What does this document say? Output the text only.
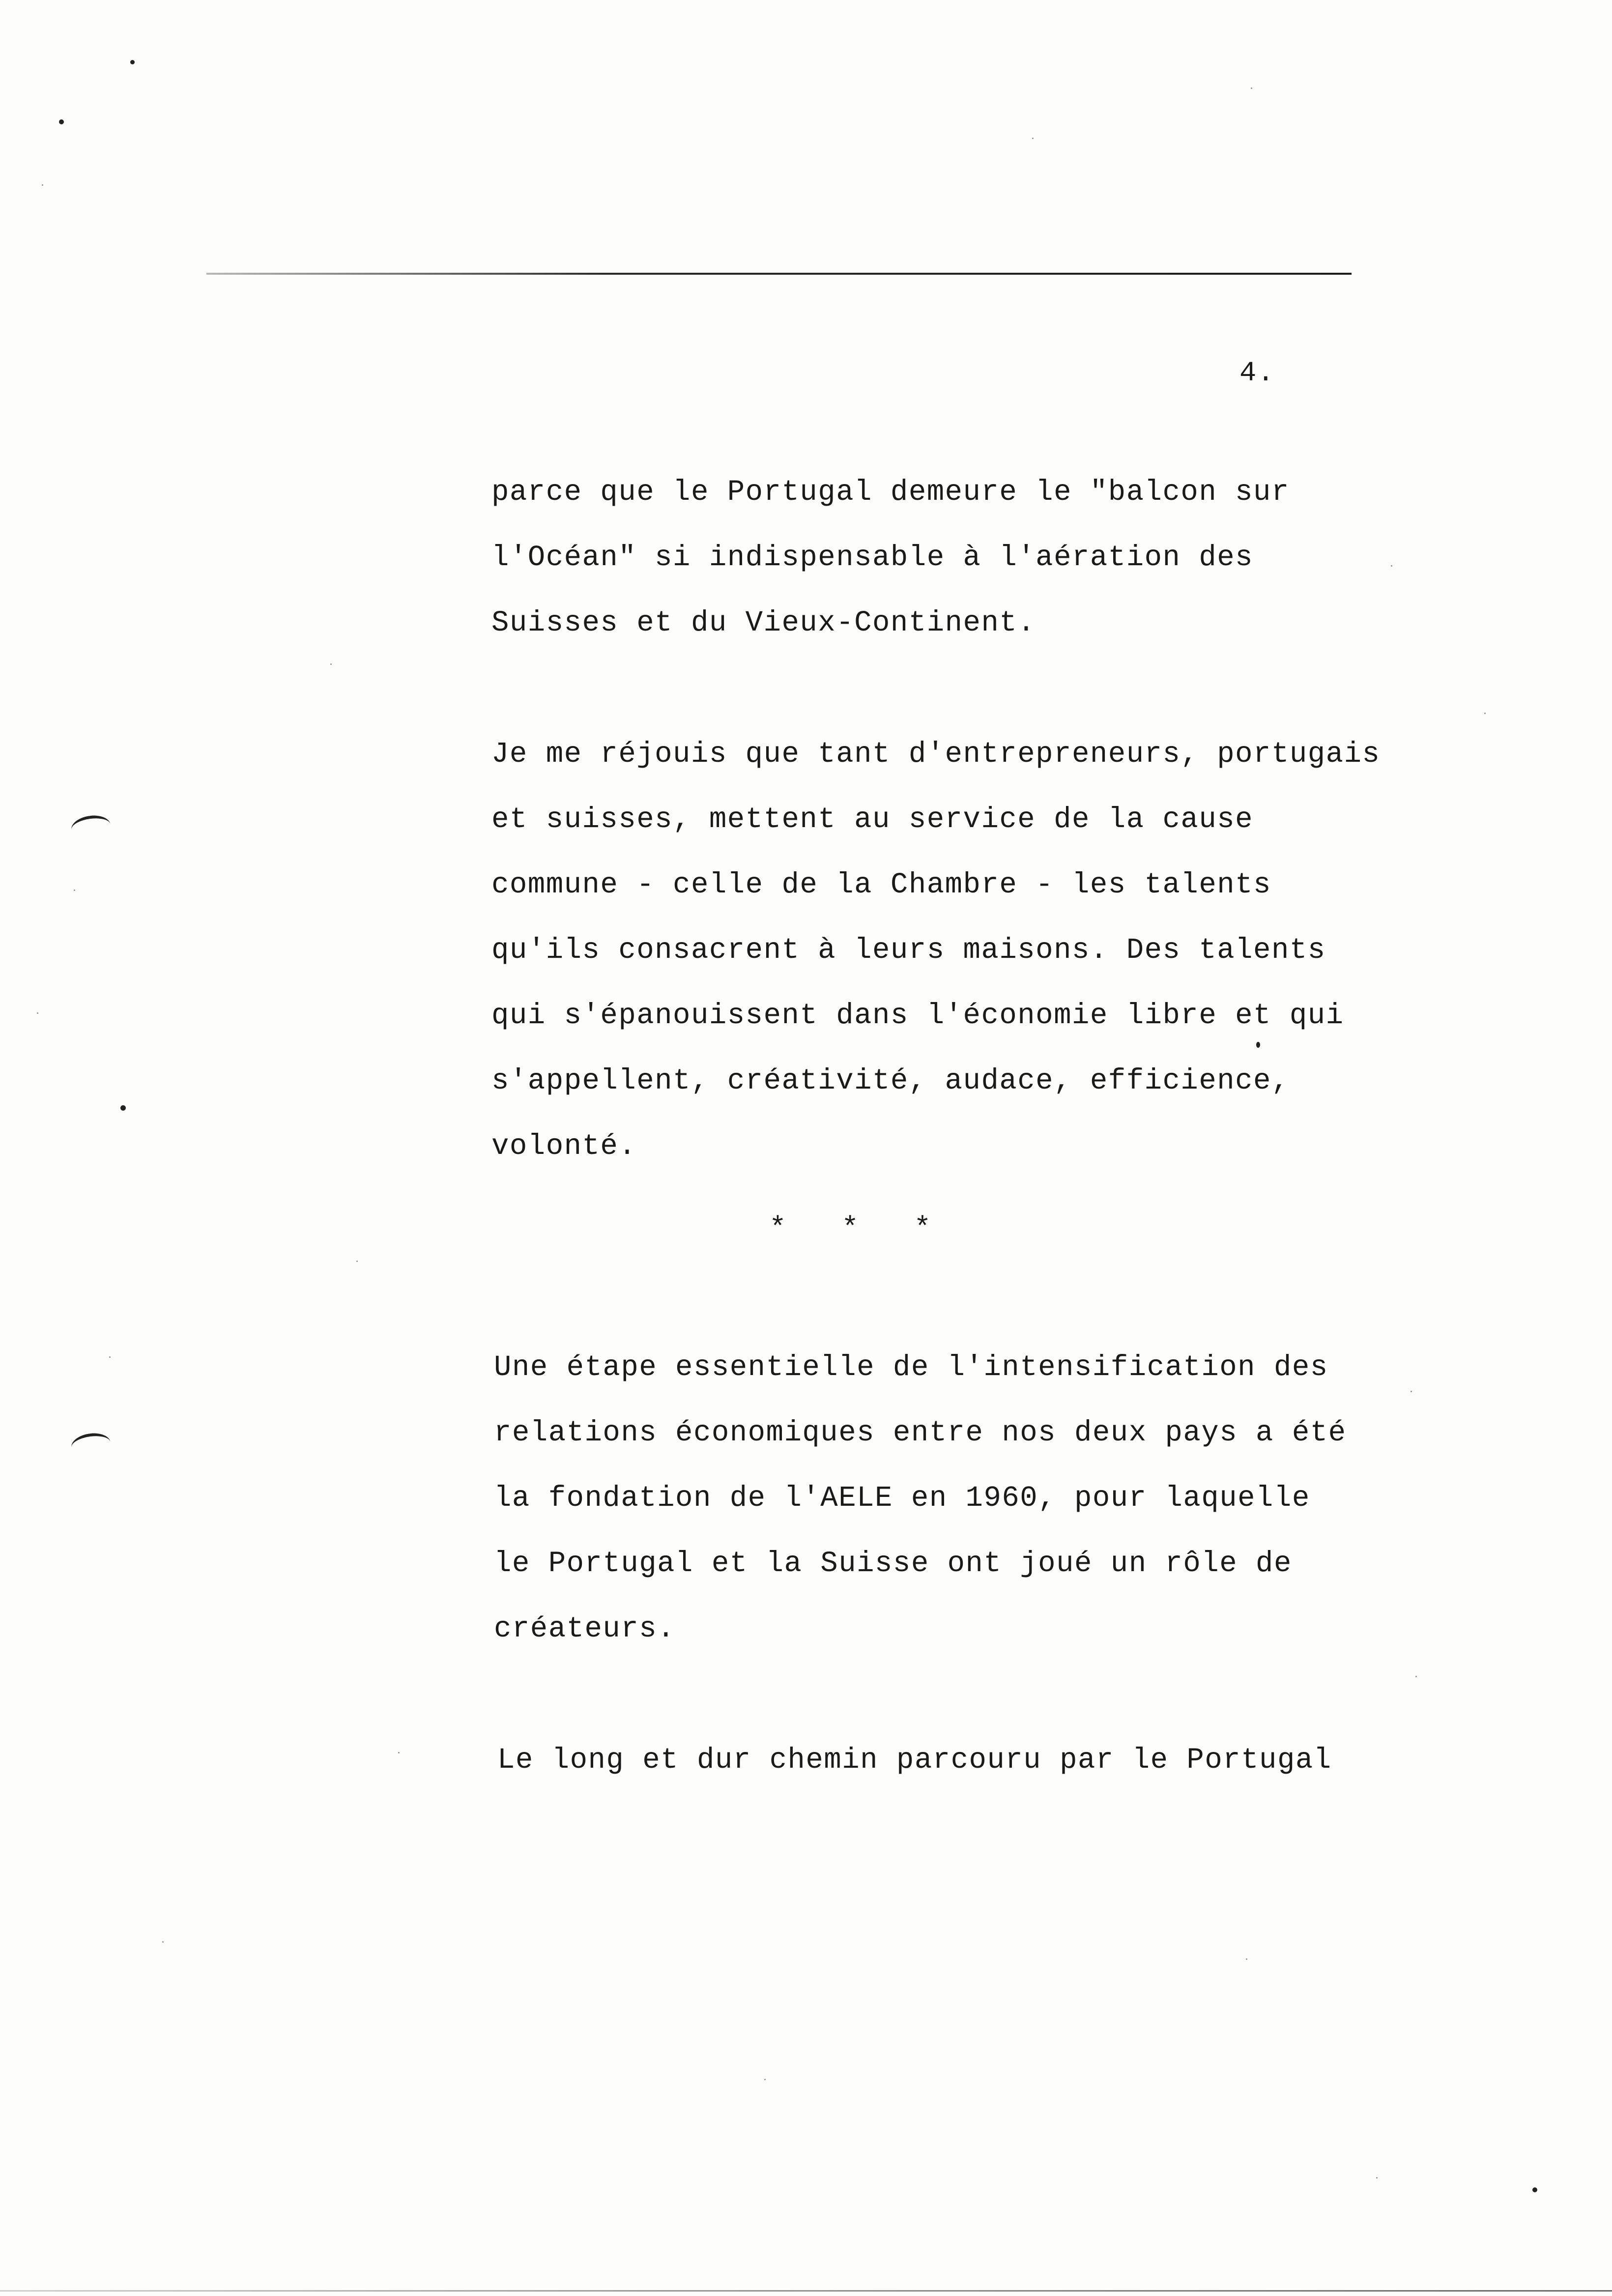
4.
parce que le Portugal demeure le "balcon sur
l'Océan" si indispensable à l'aération des
Suisses et du Vieux-Continent.
Je me réjouis que tant d'entrepreneurs, portugais
et suisses, mettent au service de la cause
commune - celle de la Chambre - les talents
qu'ils consacrent à leurs maisons. Des talents
qui s'épanouissent dans l'économie libre et qui
s'appellent, créativité, audace, efficience,
volonté.
*   *   *
Une étape essentielle de l'intensification des
relations économiques entre nos deux pays a été
la fondation de l'AELE en 1960, pour laquelle
le Portugal et la Suisse ont joué un rôle de
créateurs.
Le long et dur chemin parcouru par le Portugal
